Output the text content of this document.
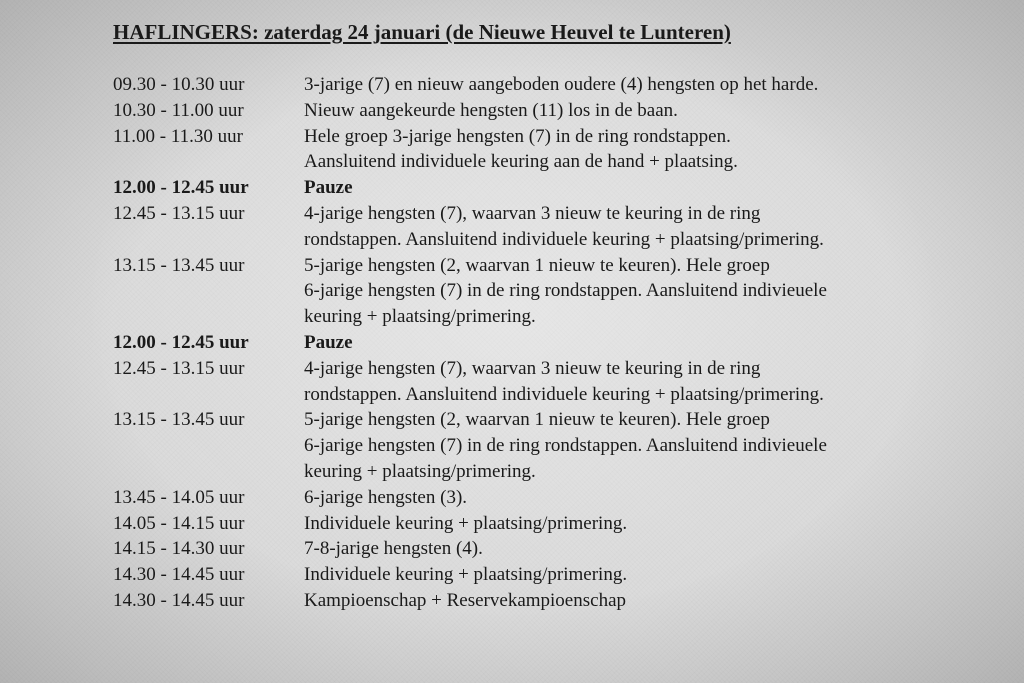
HAFLINGERS: zaterdag 24 januari (de Nieuwe Heuvel te Lunteren)
09.30 - 10.30 uur	3-jarige (7) en nieuw aangeboden oudere (4) hengsten op het harde.
10.30 - 11.00 uur	Nieuw aangekeurde hengsten (11) los in de baan.
11.00 - 11.30 uur	Hele groep 3-jarige hengsten (7) in de ring rondstappen.
Aansluitend individuele keuring aan de hand + plaatsing.
12.00 - 12.45 uur	Pauze
12.45 - 13.15 uur	4-jarige hengsten (7), waarvan 3 nieuw te keuring in de ring
rondstappen. Aansluitend individuele keuring + plaatsing/primering.
13.15 - 13.45 uur	5-jarige hengsten (2, waarvan 1 nieuw te keuren). Hele groep
6-jarige hengsten (7) in de ring rondstappen. Aansluitend indivieuele
keuring + plaatsing/primering.
12.00 - 12.45 uur	Pauze
12.45 - 13.15 uur	4-jarige hengsten (7), waarvan 3 nieuw te keuring in de ring
rondstappen. Aansluitend individuele keuring + plaatsing/primering.
13.15 - 13.45 uur	5-jarige hengsten (2, waarvan 1 nieuw te keuren). Hele groep
6-jarige hengsten (7) in de ring rondstappen. Aansluitend indivieuele
keuring + plaatsing/primering.
13.45 - 14.05 uur	6-jarige hengsten (3).
14.05 - 14.15 uur	Individuele keuring + plaatsing/primering.
14.15 - 14.30 uur	7-8-jarige hengsten (4).
14.30 - 14.45 uur	Individuele keuring + plaatsing/primering.
14.30 - 14.45 uur	Kampioenschap + Reservekampioenschap
